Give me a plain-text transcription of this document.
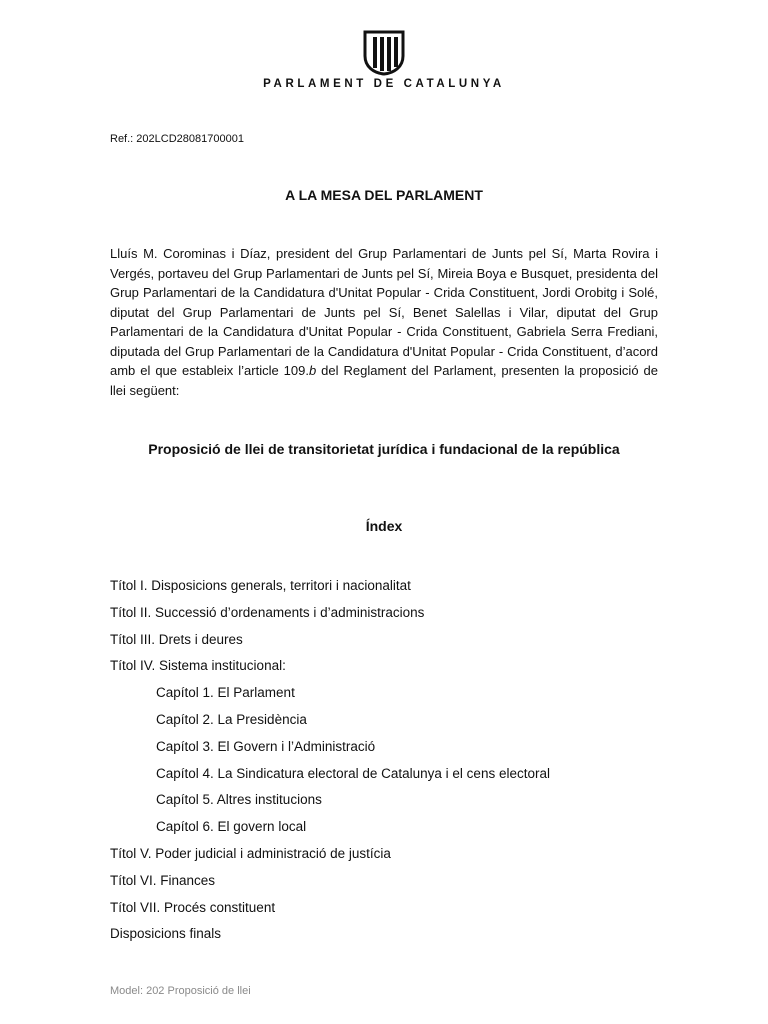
PARLAMENT DE CATALUNYA
Ref.: 202LCD28081700001
A LA MESA DEL PARLAMENT

Lluís M. Corominas i Díaz, president del Grup Parlamentari de Junts pel Sí, Marta Rovira i Vergés, portaveu del Grup Parlamentari de Junts pel Sí, Mireia Boya e Busquet, presidenta del Grup Parlamentari de la Candidatura d'Unitat Popular - Crida Constituent, Jordi Orobitg i Solé, diputat del Grup Parlamentari de Junts pel Sí, Benet Salellas i Vilar, diputat del Grup Parlamentari de la Candidatura d'Unitat Popular - Crida Constituent, Gabriela Serra Frediani, diputada del Grup Parlamentari de la Candidatura d'Unitat Popular - Crida Constituent, d’acord amb el que estableix l’article 109.b del Reglament del Parlament, presenten la proposició de llei següent:

Proposició de llei de transitorietat jurídica i fundacional de la república
Índex
Títol I. Disposicions generals, territori i nacionalitat
Títol II. Successió d’ordenaments i d’administracions
Títol III. Drets i deures
Títol IV. Sistema institucional:
Capítol 1. El Parlament
Capítol 2. La Presidència
Capítol 3. El Govern i l’Administració
Capítol 4. La Sindicatura electoral de Catalunya i el cens electoral
Capítol 5. Altres institucions
Capítol 6. El govern local
Títol V. Poder judicial i administració de justícia
Títol VI. Finances
Títol VII. Procés constituent
Disposicions finals
Model: 202 Proposició de llei
